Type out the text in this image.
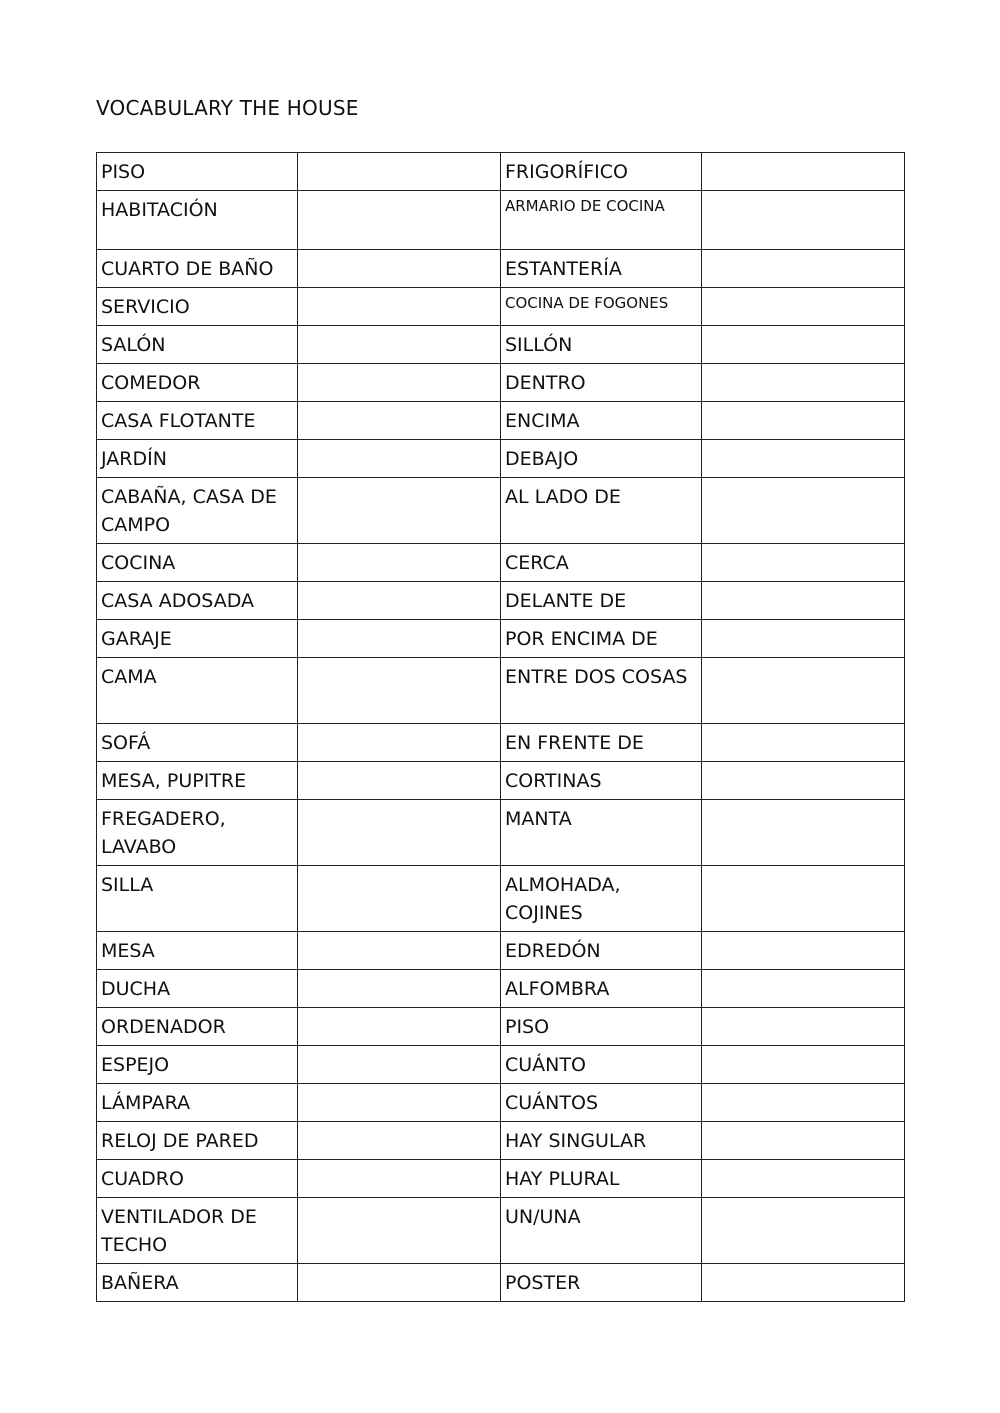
VOCABULARY THE HOUSE
PISO		FRIGORÍFICO	
HABITACIÓN		ARMARIO DE COCINA	
CUARTO DE BAÑO		ESTANTERÍA	
SERVICIO		COCINA DE FOGONES	
SALÓN		SILLÓN	
COMEDOR		DENTRO	
CASA FLOTANTE		ENCIMA	
JARDÍN		DEBAJO	
CABAÑA, CASA DE CAMPO		AL LADO DE	
COCINA		CERCA	
CASA ADOSADA		DELANTE DE	
GARAJE		POR ENCIMA DE	
CAMA		ENTRE DOS COSAS	
SOFÁ		EN FRENTE DE	
MESA, PUPITRE		CORTINAS	
FREGADERO, LAVABO		MANTA	
SILLA		ALMOHADA, COJINES	
MESA		EDREDÓN	
DUCHA		ALFOMBRA	
ORDENADOR		PISO	
ESPEJO		CUÁNTO	
LÁMPARA		CUÁNTOS	
RELOJ DE PARED		HAY SINGULAR	
CUADRO		HAY PLURAL	
VENTILADOR DE TECHO		UN/UNA	
BAÑERA		POSTER	
